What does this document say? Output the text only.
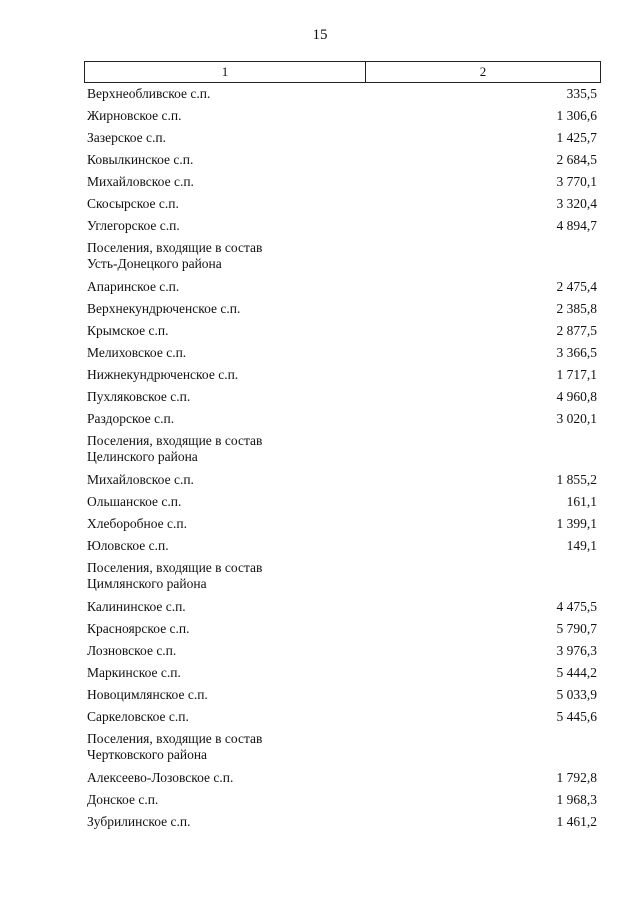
15
1	2
Верхнеобливское с.п.	335,5
Жирновское с.п.	1 306,6
Зазерское с.п.	1 425,7
Ковылкинское с.п.	2 684,5
Михайловское с.п.	3 770,1
Скосырское с.п.	3 320,4
Углегорское с.п.	4 894,7
Поселения, входящие в состав
Усть-Донецкого района
Апаринское с.п.	2 475,4
Верхнекундрюченское с.п.	2 385,8
Крымское с.п.	2 877,5
Мелиховское с.п.	3 366,5
Нижнекундрюченское с.п.	1 717,1
Пухляковское с.п.	4 960,8
Раздорское с.п.	3 020,1
Поселения, входящие в состав
Целинского района
Михайловское с.п.	1 855,2
Ольшанское с.п.	161,1
Хлеборобное с.п.	1 399,1
Юловское с.п.	149,1
Поселения, входящие в состав
Цимлянского района
Калининское с.п.	4 475,5
Красноярское с.п.	5 790,7
Лозновское с.п.	3 976,3
Маркинское с.п.	5 444,2
Новоцимлянское с.п.	5 033,9
Саркеловское с.п.	5 445,6
Поселения, входящие в состав
Чертковского района
Алексеево-Лозовское с.п.	1 792,8
Донское с.п.	1 968,3
Зубрилинское с.п.	1 461,2
